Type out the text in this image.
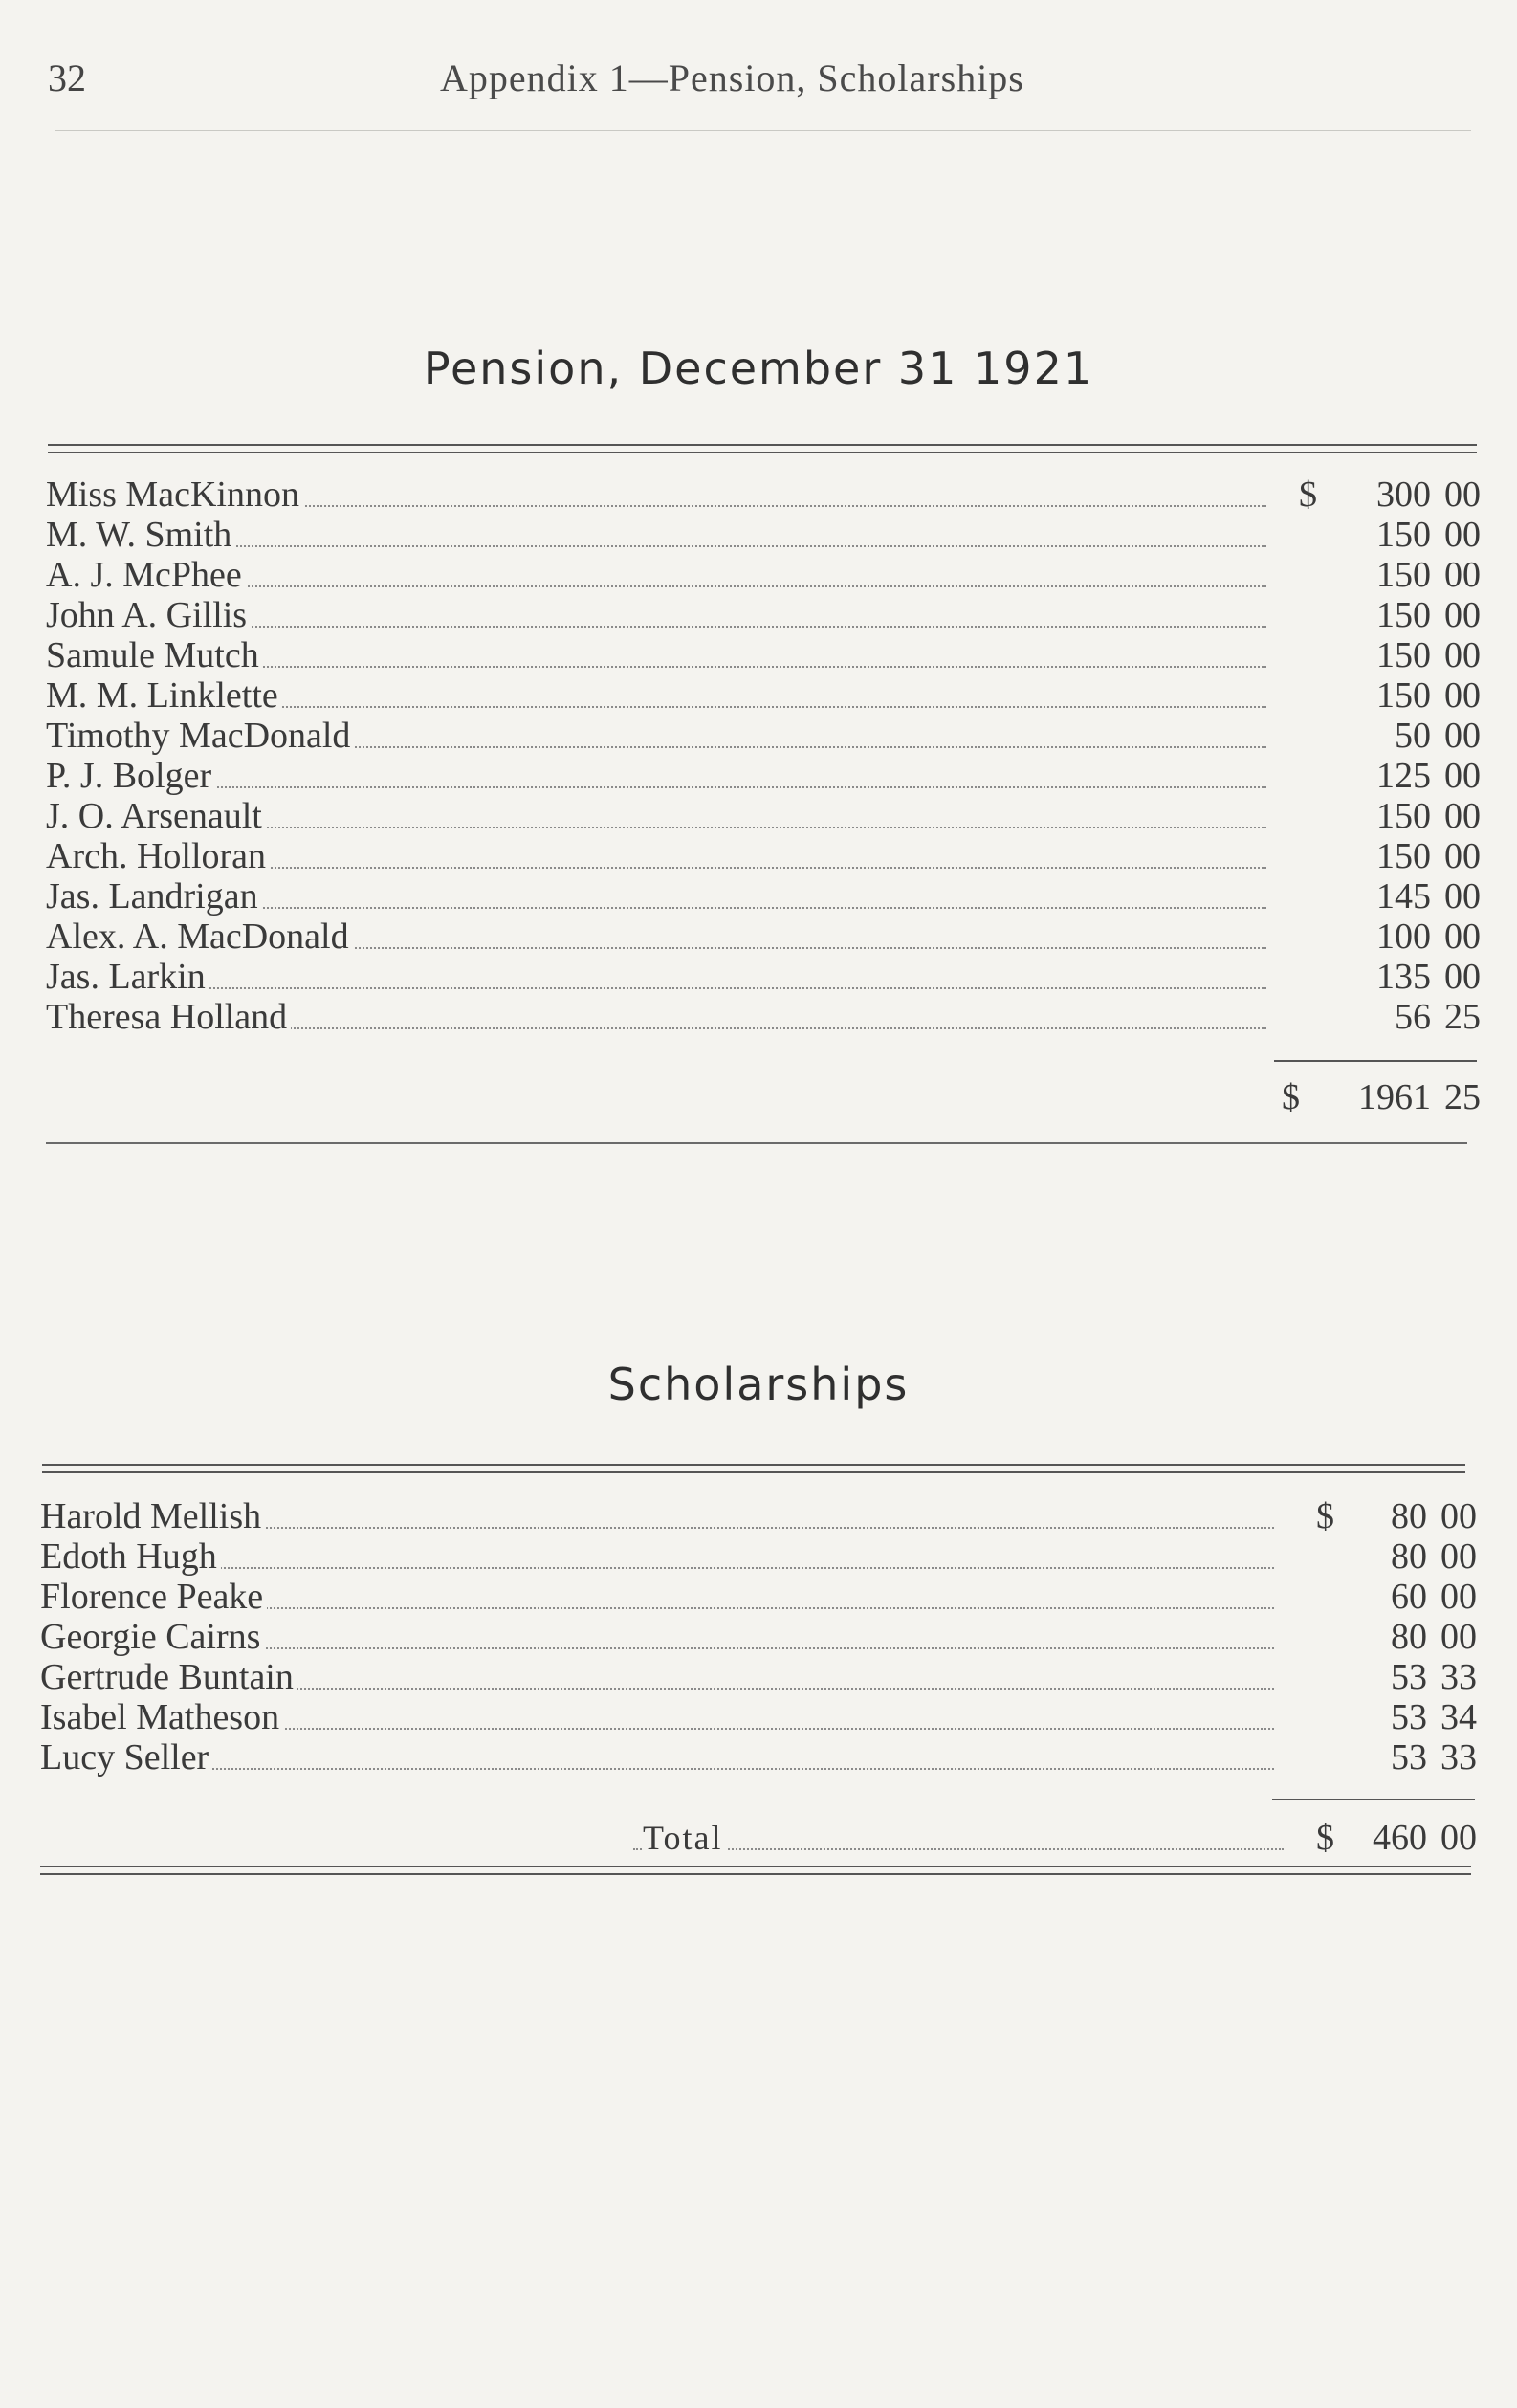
32	Appendix 1—Pension, Scholarships
Pension, December 31 1921
Miss MacKinnon	$	300 00
M. W. Smith	150 00
A. J. McPhee	150 00
John A. Gillis	150 00
Samule Mutch	150 00
M. M. Linklette	150 00
Timothy MacDonald	50 00
P. J. Bolger	125 00
J. O. Arsenault	150 00
Arch. Holloran	150 00
Jas. Landrigan	145 00
Alex. A. MacDonald	100 00
Jas. Larkin	135 00
Theresa Holland	56 25
$	1961 25
Scholarships
Harold Mellish	$	80 00
Edoth Hugh	80 00
Florence Peake	60 00
Georgie Cairns	80 00
Gertrude Buntain	53 33
Isabel Matheson	53 34
Lucy Seller	53 33
Total	$	460 00
